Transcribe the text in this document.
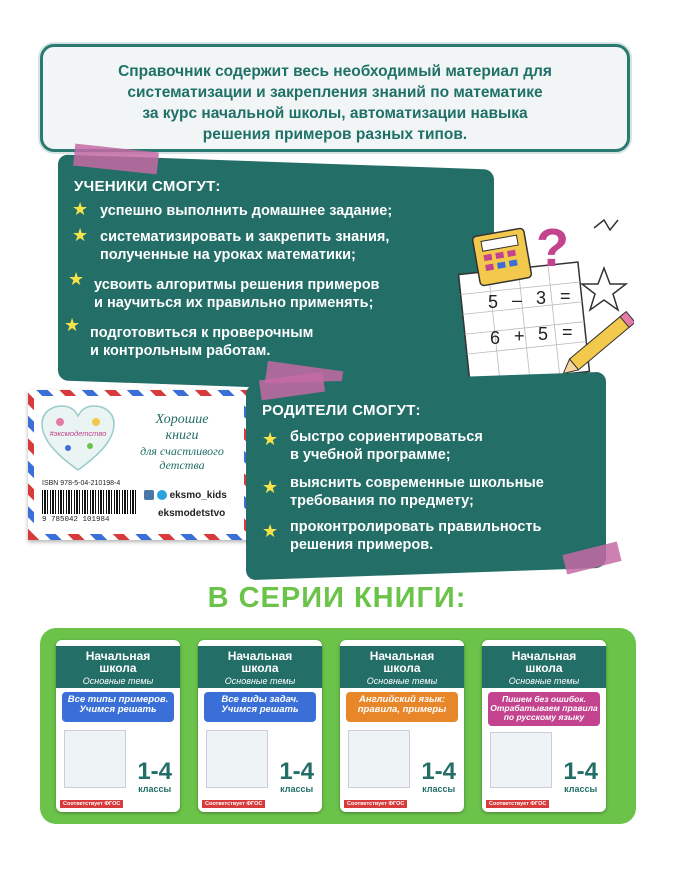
Справочник содержит весь необходимый материал для
систематизации и закрепления знаний по математике
за курс начальной школы, автоматизации навыка
решения примеров разных типов.
УЧЕНИКИ СМОГУТ:
★ успешно выполнить домашнее задание;
★ систематизировать и закрепить знания,
полученные на уроках математики;
★ усвоить алгоритмы решения примеров
и научиться их правильно применять;
★ подготовиться к проверочным
и контрольным работам.
?
5 – 3 =
6 + 5 =
#эксмодетство
Хорошие
книги
для счастливого
детства
ISBN 978-5-04-210198-4
9 785042 101984
eksmo_kids
eksmodetstvo
РОДИТЕЛИ СМОГУТ:
★ быстро сориентироваться
в учебной программе;
★ выяснить современные школьные
требования по предмету;
★ проконтролировать правильность
решения примеров.
В СЕРИИ КНИГИ:
Начальная
школа
Основные темы
Все типы примеров.
Учимся решать
1-4
классы
Соответствует ФГОС
Начальная
школа
Основные темы
Все виды задач.
Учимся решать
1-4
классы
Соответствует ФГОС
Начальная
школа
Основные темы
Английский язык:
правила, примеры
1-4
классы
Соответствует ФГОС
Начальная
школа
Основные темы
Пишем без ошибок.
Отрабатываем правила
по русскому языку
1-4
классы
Соответствует ФГОС
